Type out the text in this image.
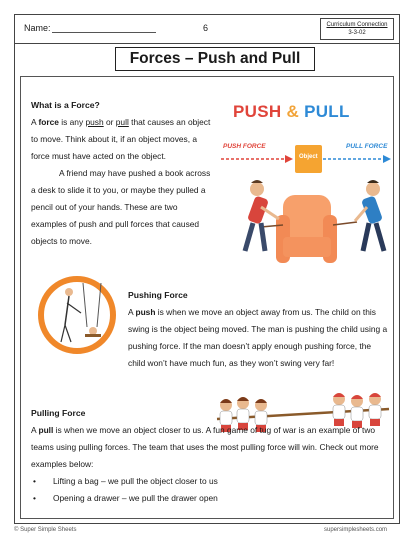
Name:	6	Curriculum Connection
3-3-02
Forces – Push and Pull
What is a Force?
A force is any push or pull that causes an object to move. Think about it, if an object moves, a force must have acted on the object.
A friend may have pushed a book across a desk to slide it to you, or maybe they pulled a pencil out of your hands. These are two examples of push and pull forces that caused objects to move.
PUSH & PULL
PUSH FORCE	PULL FORCE
Object
Pushing Force
A push is when we move an object away from us. The child on this swing is the object being moved. The man is pushing the child using a pushing force. If the man doesn’t apply enough pushing force, the child won’t have much fun, as they won’t swing very far!
Pulling Force
A pull is when we move an object closer to us. A fun game of tug of war is an example of two teams using pulling forces. The team that uses the most pulling force will win. Check out more examples below:
• Lifting a bag – we pull the object closer to us
• Opening a drawer – we pull the drawer open
© Super Simple Sheets	supersimplesheets.com
